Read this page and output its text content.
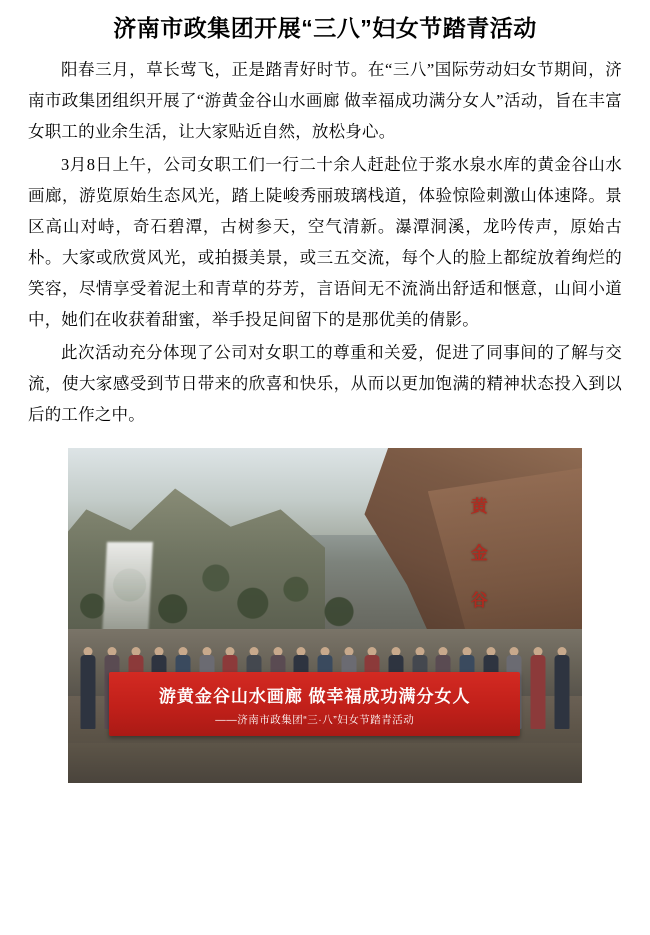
济南市政集团开展“三八”妇女节踏青活动

阳春三月，草长莺飞，正是踏青好时节。在“三八”国际劳动妇女节期间，济南市政集团组织开展了“游黄金谷山水画廊 做幸福成功满分女人”活动，旨在丰富女职工的业余生活，让大家贴近自然，放松身心。

3月8日上午，公司女职工们一行二十余人赶赴位于浆水泉水库的黄金谷山水画廊，游览原始生态风光，踏上陡峻秀丽玻璃栈道，体验惊险刺激山体速降。景区高山对峙，奇石碧潭，古树参天，空气清新。瀑潭洞溪，龙吟传声，原始古朴。大家或欣赏风光，或拍摄美景，或三五交流，每个人的脸上都绽放着绚烂的笑容，尽情享受着泥土和青草的芬芳，言语间无不流淌出舒适和惬意，山间小道中，她们在收获着甜蜜，举手投足间留下的是那优美的倩影。

此次活动充分体现了公司对女职工的尊重和关爱，促进了同事间的了解与交流，使大家感受到节日带来的欣喜和快乐，从而以更加饱满的精神状态投入到以后的工作之中。

黄
金
谷
游黄金谷山水画廊 做幸福成功满分女人
——济南市政集团“三·八”妇女节踏青活动
